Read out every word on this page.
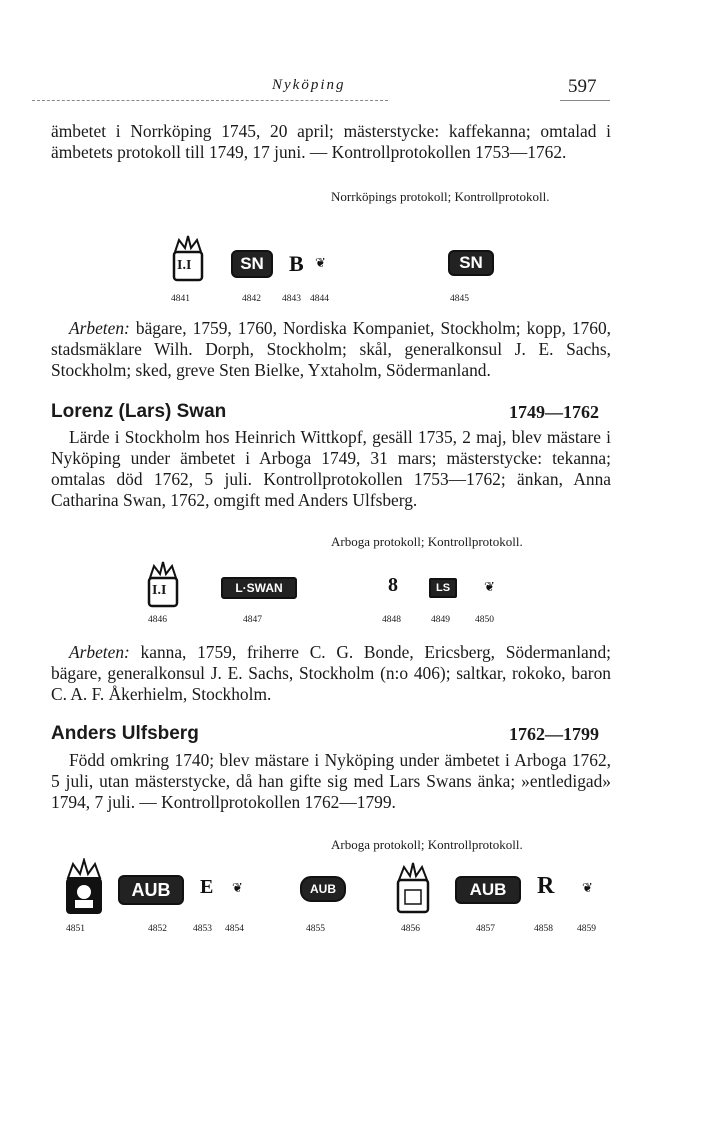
Nyköping	597
ämbetet i Norrköping 1745, 20 april; mästerstycke: kaffekanna; omtalad i ämbetets protokoll till 1749, 17 juni. — Kontrollprotokollen 1753—1762.
Norrköpings protokoll; Kontrollprotokoll.
I.I	SN	B ❦	SN
4841	4842 4843 4844	4845
Arbeten: bägare, 1759, 1760, Nordiska Kompaniet, Stockholm; kopp, 1760, stadsmäklare Wilh. Dorph, Stockholm; skål, generalkonsul J. E. Sachs, Stockholm; sked, greve Sten Bielke, Yxtaholm, Södermanland.
Lorenz (Lars) Swan	1749—1762
Lärde i Stockholm hos Heinrich Wittkopf, gesäll 1735, 2 maj, blev mästare i Nyköping under ämbetet i Arboga 1749, 31 mars; mästerstycke: tekanna; omtalas död 1762, 5 juli. Kontrollprotokollen 1753—1762; änkan, Anna Catharina Swan, 1762, omgift med Anders Ulfsberg.
Arboga protokoll; Kontrollprotokoll.
I.I	L·SWAN	8	LS	❦
4846	4847	4848	4849	4850
Arbeten: kanna, 1759, friherre C. G. Bonde, Ericsberg, Södermanland; bägare, generalkonsul J. E. Sachs, Stockholm (n:o 406); saltkar, rokoko, baron C. A. F. Åkerhielm, Stockholm.
Anders Ulfsberg	1762—1799
Född omkring 1740; blev mästare i Nyköping under ämbetet i Arboga 1762, 5 juli, utan mästerstycke, då han gifte sig med Lars Swans änka; »entledigad» 1794, 7 juli. — Kontrollprotokollen 1762—1799.
Arboga protokoll; Kontrollprotokoll.
AUB	E ❦	AUB	AUB	R ❦
4851	4852	4853 4854	4855	4856	4857	4858	4859
